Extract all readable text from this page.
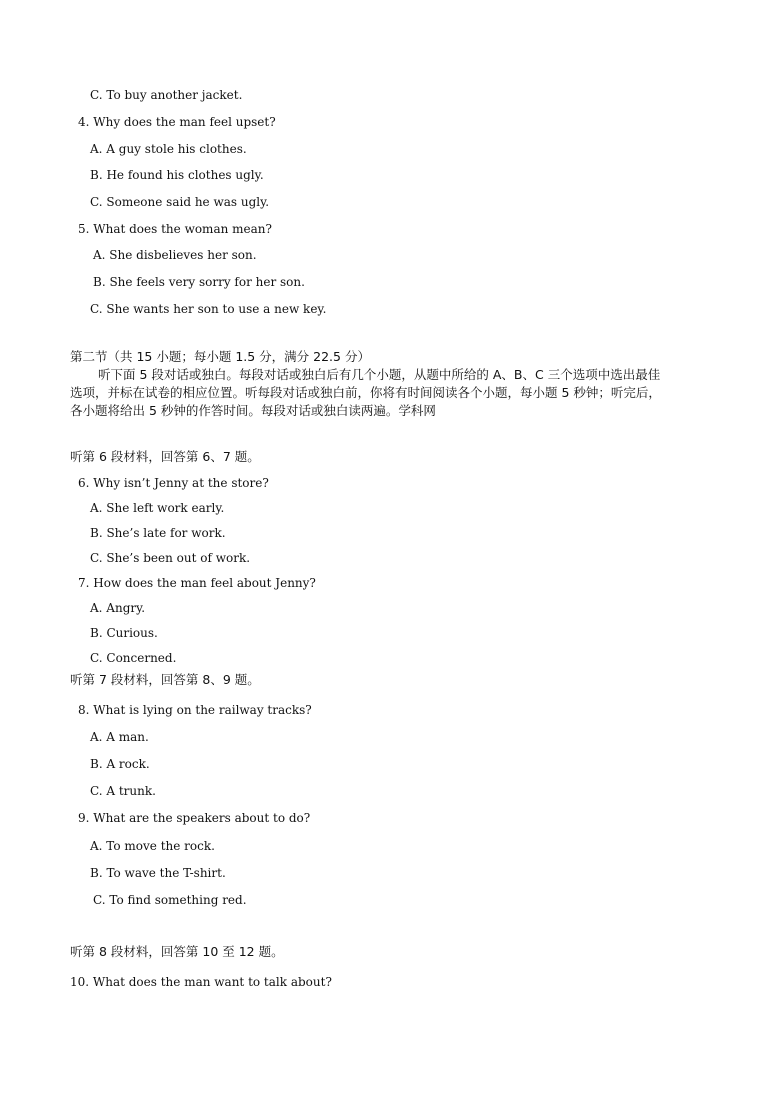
C. To buy another jacket.
4. Why does the man feel upset?
A. A guy stole his clothes.
B. He found his clothes ugly.
C. Someone said he was ugly.
5. What does the woman mean?
A. She disbelieves her son.
B. She feels very sorry for her son.
C. She wants her son to use a new key.
第二节（共 15 小题；每小题 1.5 分，满分 22.5 分）
听下面 5 段对话或独白。每段对话或独白后有几个小题，从题中所给的 A、B、C 三个选项中选出最佳
选项，并标在试卷的相应位置。听每段对话或独白前，你将有时间阅读各个小题，每小题 5 秒钟；听完后，
各小题将给出 5 秒钟的作答时间。每段对话或独白读两遍。学科网
听第 6 段材料，回答第 6、7 题。
6. Why isn’t Jenny at the store?
A. She left work early.
B. She’s late for work.
C. She’s been out of work.
7. How does the man feel about Jenny?
A. Angry.
B. Curious.
C. Concerned.
听第 7 段材料，回答第 8、9 题。
8. What is lying on the railway tracks?
A. A man.
B. A rock.
C. A trunk.
9. What are the speakers about to do?
A. To move the rock.
B. To wave the T-shirt.
C. To find something red.
听第 8 段材料，回答第 10 至 12 题。
10. What does the man want to talk about?
